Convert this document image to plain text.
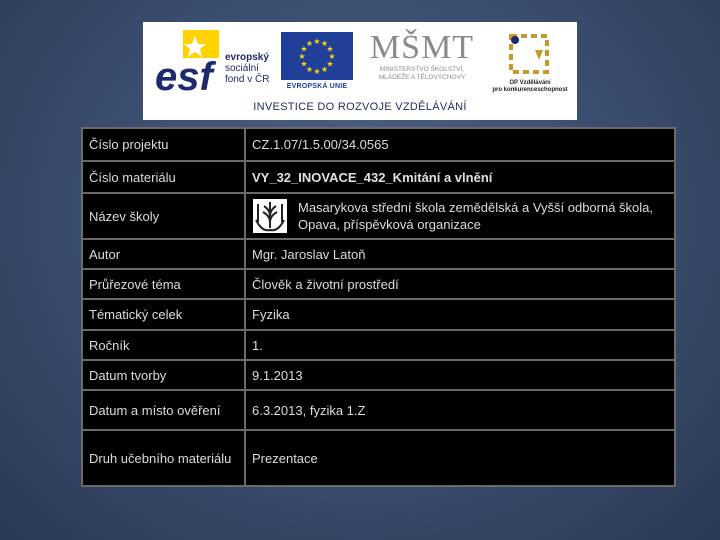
esf	evropský
sociální
fond v ČR
★ ★
★
★
★
★
★
★
★
★
★
★
EVROPSKÁ UNIE
MŠMT
MINISTERSTVO ŠKOLSTVÍ,
MLÁDEŽE A TĚLOVÝCHOVY
OP Vzdělávání
pro konkurenceschopnost
INVESTICE DO ROZVOJE VZDĚLÁVÁNÍ
Číslo projektu	CZ.1.07/1.5.00/34.0565
Číslo materiálu	VY_32_INOVACE_432_Kmitání a vlnění
Název školy	Masarykova střední škola zemědělská a Vyšší odborná škola, Opava, příspěvková organizace

Autor	Mgr. Jaroslav Latoň
Průřezové téma	Člověk a životní prostředí
Tématický celek	Fyzika
Ročník	1.
Datum tvorby	9.1.2013
Datum a místo ověření	6.3.2013, fyzika 1.Z
Druh učebního materiálu	Prezentace
